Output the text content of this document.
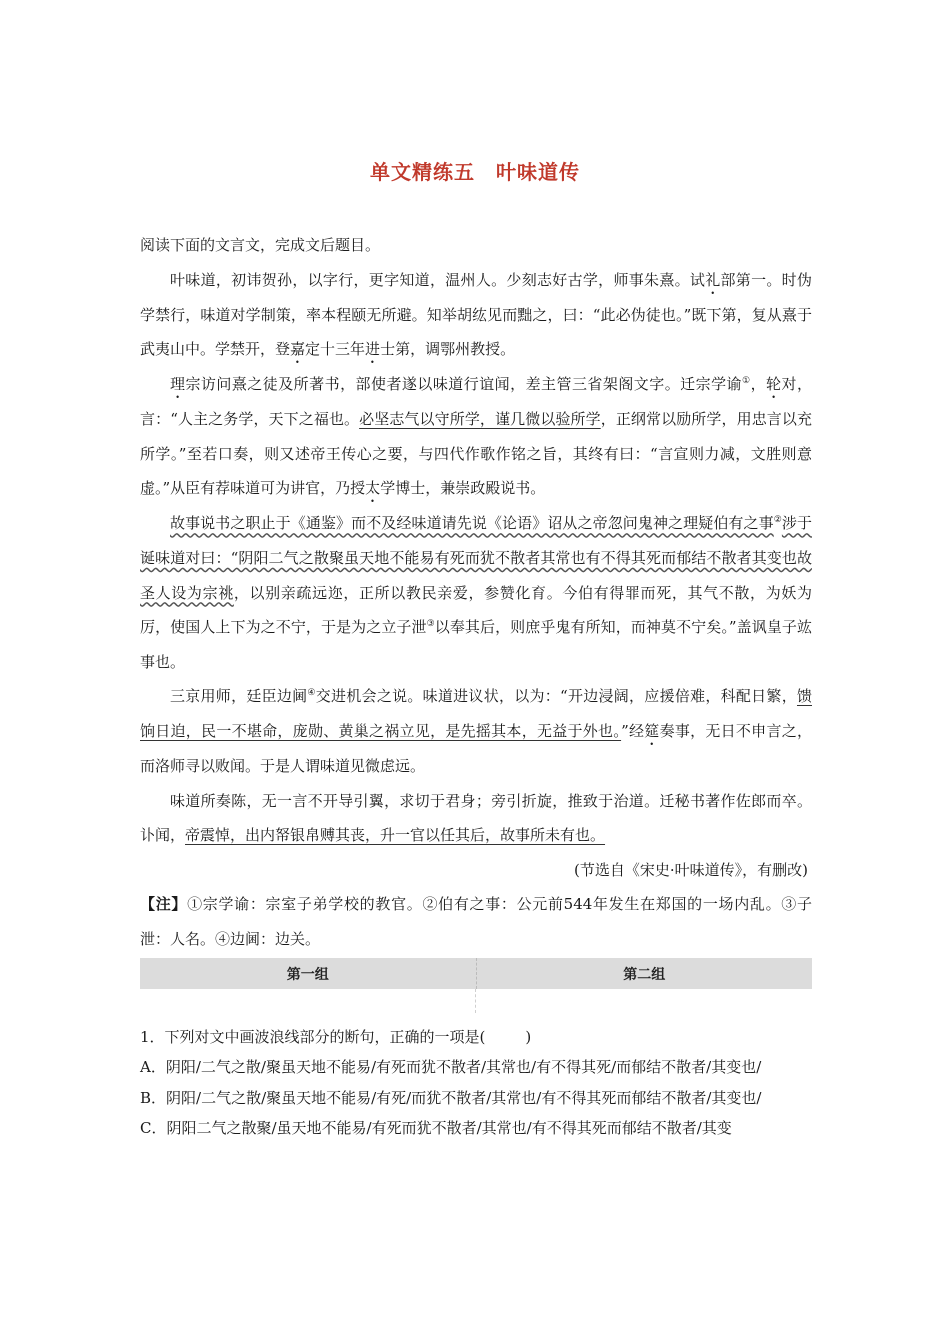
单文精练五　叶味道传

阅读下面的文言文，完成文后题目。

叶味道，初讳贺孙，以字行，更字知道，温州人。少刻志好古学，师事朱熹。试礼部第一。时伪学禁行，味道对学制策，率本程颐无所避。知举胡纮见而黜之，曰：“此必伪徒也。”既下第，复从熹于武夷山中。学禁开，登嘉定十三年进士第，调鄂州教授。

理宗访问熹之徒及所著书，部使者遂以味道行谊闻，差主管三省架阁文字。迁宗学谕①，轮对，言：“人主之务学，天下之福也。必坚志气以守所学，谨几微以验所学，正纲常以励所学，用忠言以充所学。”至若口奏，则又述帝王传心之要，与四代作歌作铭之旨，其终有曰：“言宣则力减，文胜则意虚。”从臣有荐味道可为讲官，乃授太学博士，兼崇政殿说书。

故事说书之职止于《通鉴》而不及经味道请先说《论语》诏从之帝忽问鬼神之理疑伯有之事②涉于诞味道对曰：“阴阳二气之散聚虽天地不能易有死而犹不散者其常也有不得其死而郁结不散者其变也故圣人设为宗祧，以别亲疏远迩，正所以教民亲爱，参赞化育。今伯有得罪而死，其气不散，为妖为厉，使国人上下为之不宁，于是为之立子泄③以奉其后，则庶乎鬼有所知，而神莫不宁矣。”盖讽皇子竑事也。

三京用师，廷臣边阃④交进机会之说。味道进议状，以为：“开边浸阔，应援倍难，科配日繁，馈饷日迫，民一不堪命，庞勋、黄巢之祸立见，是先摇其本，无益于外也。”经筵奏事，无日不申言之，而洛师寻以败闻。于是人谓味道见微虑远。

味道所奏陈，无一言不开导引翼，求切于君身；旁引折旋，推致于治道。迁秘书著作佐郎而卒。讣闻，帝震悼，出内帑银帛赙其丧，升一官以任其后，故事所未有也。

(节选自《宋史·叶味道传》，有删改)

【注】①宗学谕：宗室子弟学校的教官。②伯有之事：公元前544年发生在郑国的一场内乱。③子泄：人名。④边阃：边关。

第一组	第二组

1．下列对文中画波浪线部分的断句，正确的一项是(	)

A．阴阳/二气之散/聚虽天地不能易/有死而犹不散者/其常也/有不得其死/而郁结不散者/其变也/

B．阴阳/二气之散/聚虽天地不能易/有死/而犹不散者/其常也/有不得其死而郁结不散者/其变也/

C．阴阳二气之散聚/虽天地不能易/有死而犹不散者/其常也/有不得其死而郁结不散者/其变
